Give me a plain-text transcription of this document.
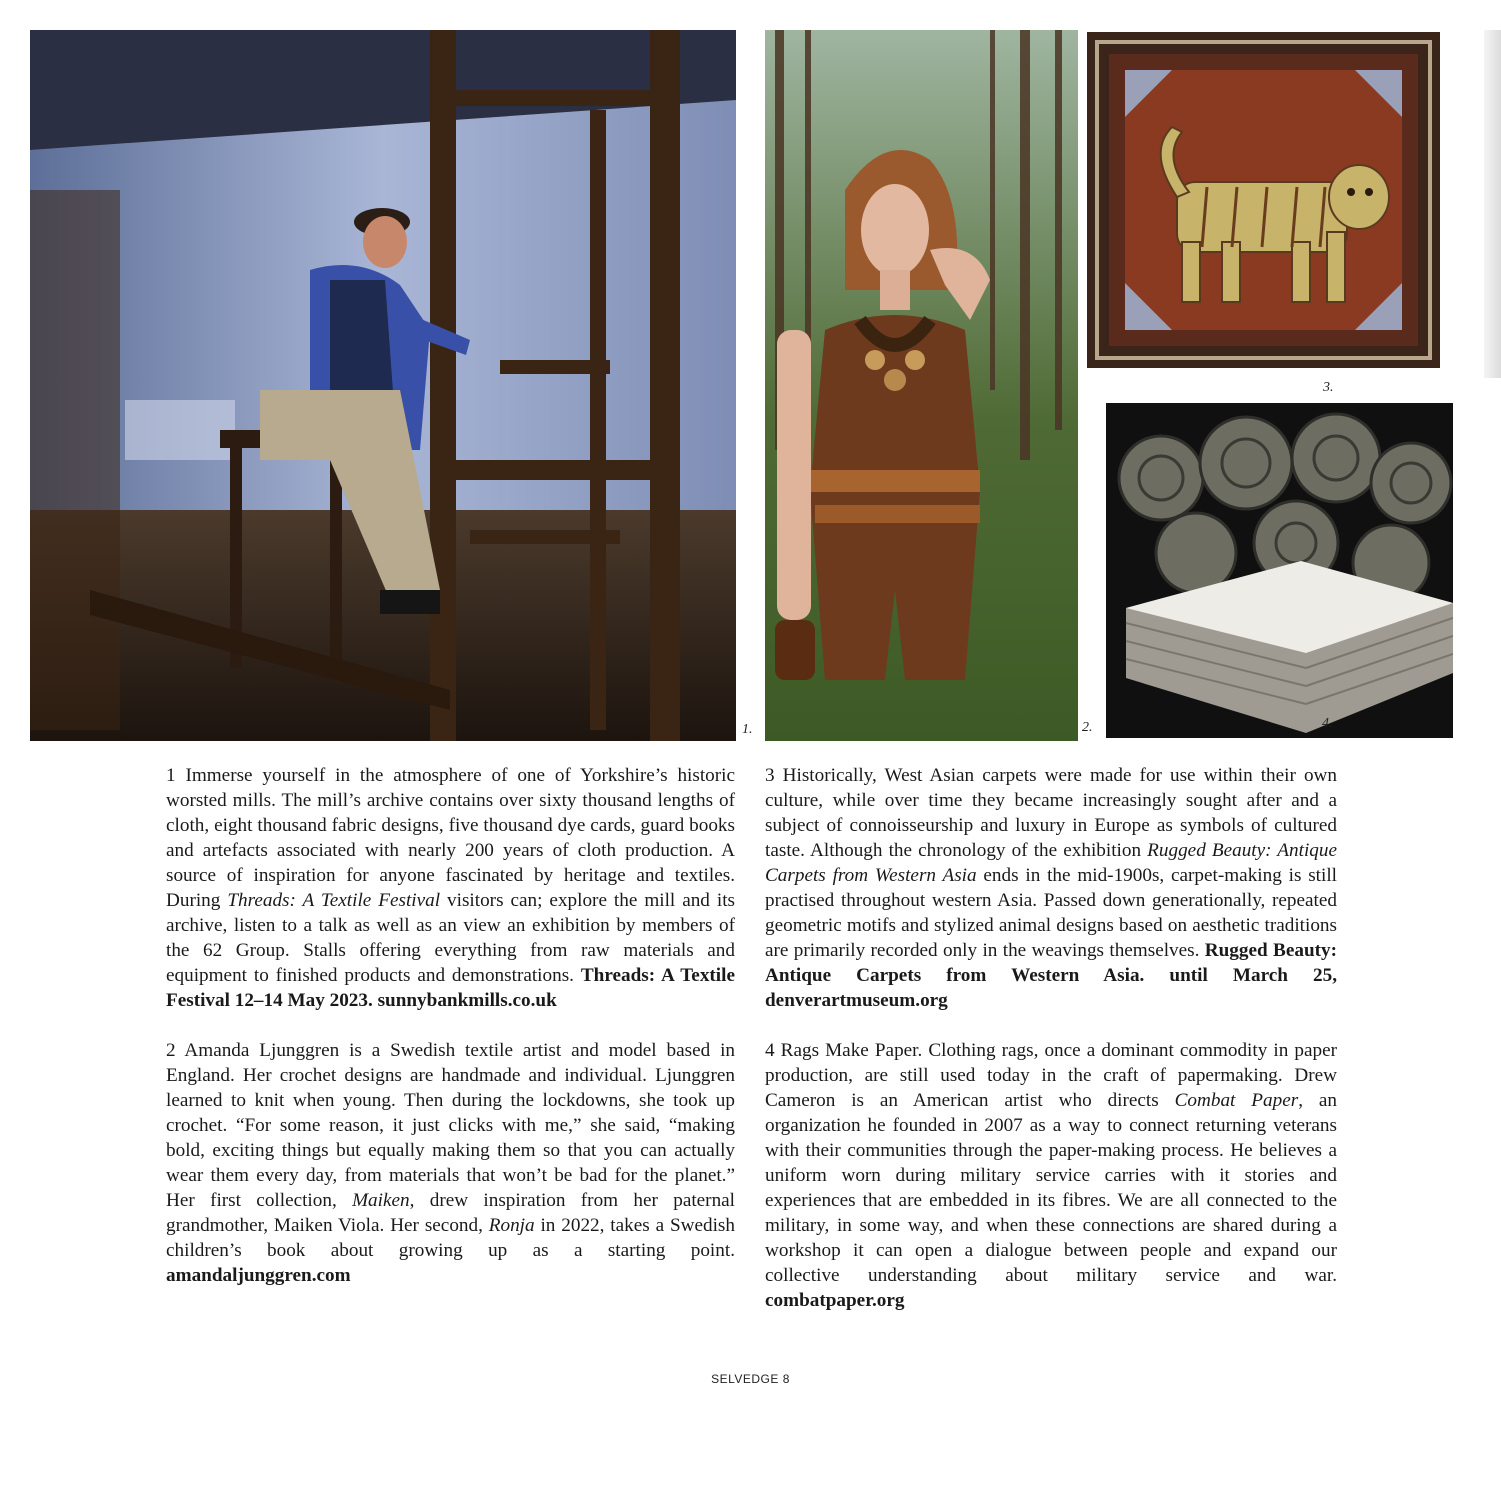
1.	2.
3.
4.

1 Immerse yourself in the atmosphere of one of Yorkshire’s historic worsted mills. The mill’s archive contains over sixty thousand lengths of cloth, eight thousand fabric designs, five thousand dye cards, guard books and artefacts associated with nearly 200 years of cloth production. A source of inspiration for anyone fascinated by heritage and textiles. During Threads: A Textile Festival visitors can; explore the mill and its archive, listen to a talk as well as an view an exhibition by members of the 62 Group. Stalls offering everything from raw materials and equipment to finished products and demonstrations. Threads: A Textile Festival 12–14 May 2023. sunnybankmills.co.uk

2 Amanda Ljunggren is a Swedish textile artist and model based in England. Her crochet designs are handmade and individual. Ljunggren learned to knit when young. Then during the lockdowns, she took up crochet. “For some reason, it just clicks with me,” she said, “making bold, exciting things but equally making them so that you can actually wear them every day, from materials that won’t be bad for the planet.” Her first collection, Maiken, drew inspiration from her paternal grandmother, Maiken Viola. Her second, Ronja in 2022, takes a Swedish children’s book about growing up as a starting point. amandaljunggren.com

3 Historically, West Asian carpets were made for use within their own culture, while over time they became increasingly sought after and a subject of connoisseurship and luxury in Europe as symbols of cultured taste. Although the chronology of the exhibition Rugged Beauty: Antique Carpets from Western Asia ends in the mid-1900s, carpet-making is still practised throughout western Asia. Passed down generationally, repeated geometric motifs and stylized animal designs based on aesthetic traditions are primarily recorded only in the weavings themselves. Rugged Beauty: Antique Carpets from Western Asia. until March 25, denverartmuseum.org

4 Rags Make Paper. Clothing rags, once a dominant commodity in paper production, are still used today in the craft of papermaking. Drew Cameron is an American artist who directs Combat Paper, an organization he founded in 2007 as a way to connect returning veterans with their communities through the paper-making process. He believes a uniform worn during military service carries with it stories and experiences that are embedded in its fibres. We are all connected to the military, in some way, and when these connections are shared during a workshop it can open a dialogue between people and expand our collective understanding about military service and war. combatpaper.org

SELVEDGE 8
